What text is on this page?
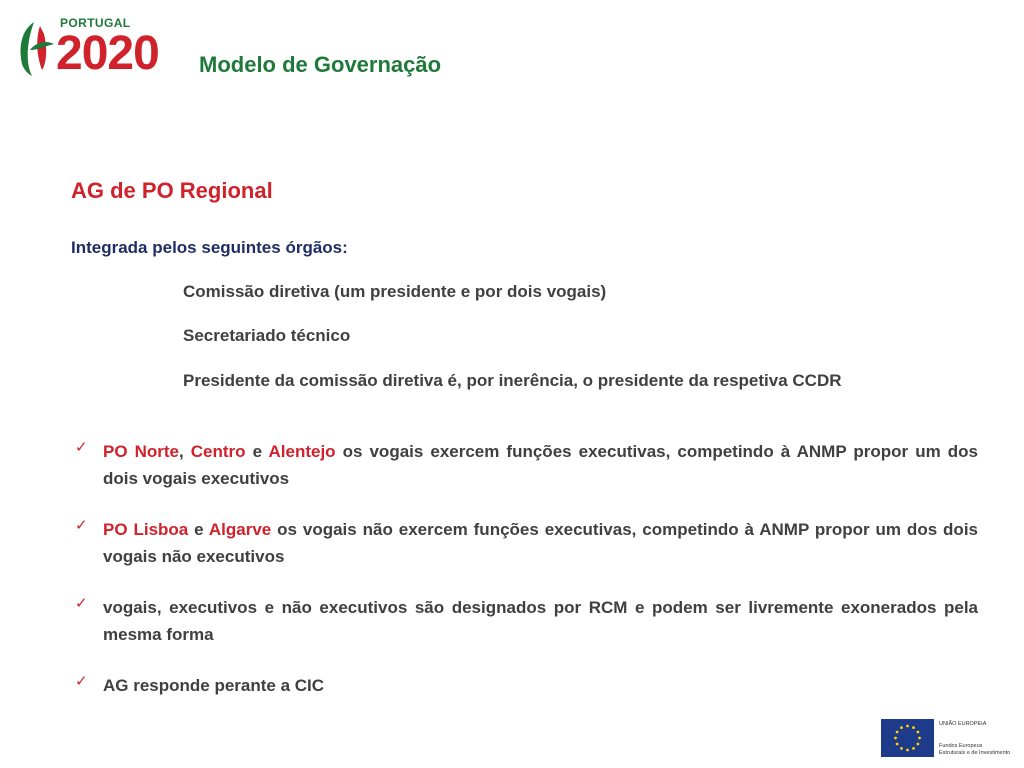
PORTUGAL
2020 Modelo de Governação
AG de PO Regional
Integrada pelos seguintes órgãos:
Comissão diretiva (um presidente e por dois vogais)
Secretariado técnico
Presidente da comissão diretiva é, por inerência, o presidente da respetiva CCDR
✓ PO Norte, Centro e Alentejo os vogais exercem funções executivas, competindo à ANMP propor um dos dois vogais executivos
✓ PO Lisboa e Algarve os vogais não exercem funções executivas, competindo à ANMP propor um dos dois vogais não executivos
✓ vogais, executivos e não executivos são designados por RCM e podem ser livremente exonerados pela mesma forma
✓ AG responde perante a CIC
UNIÃO EUROPEIA
Fundos Europeus
Estruturais e de Investimento
